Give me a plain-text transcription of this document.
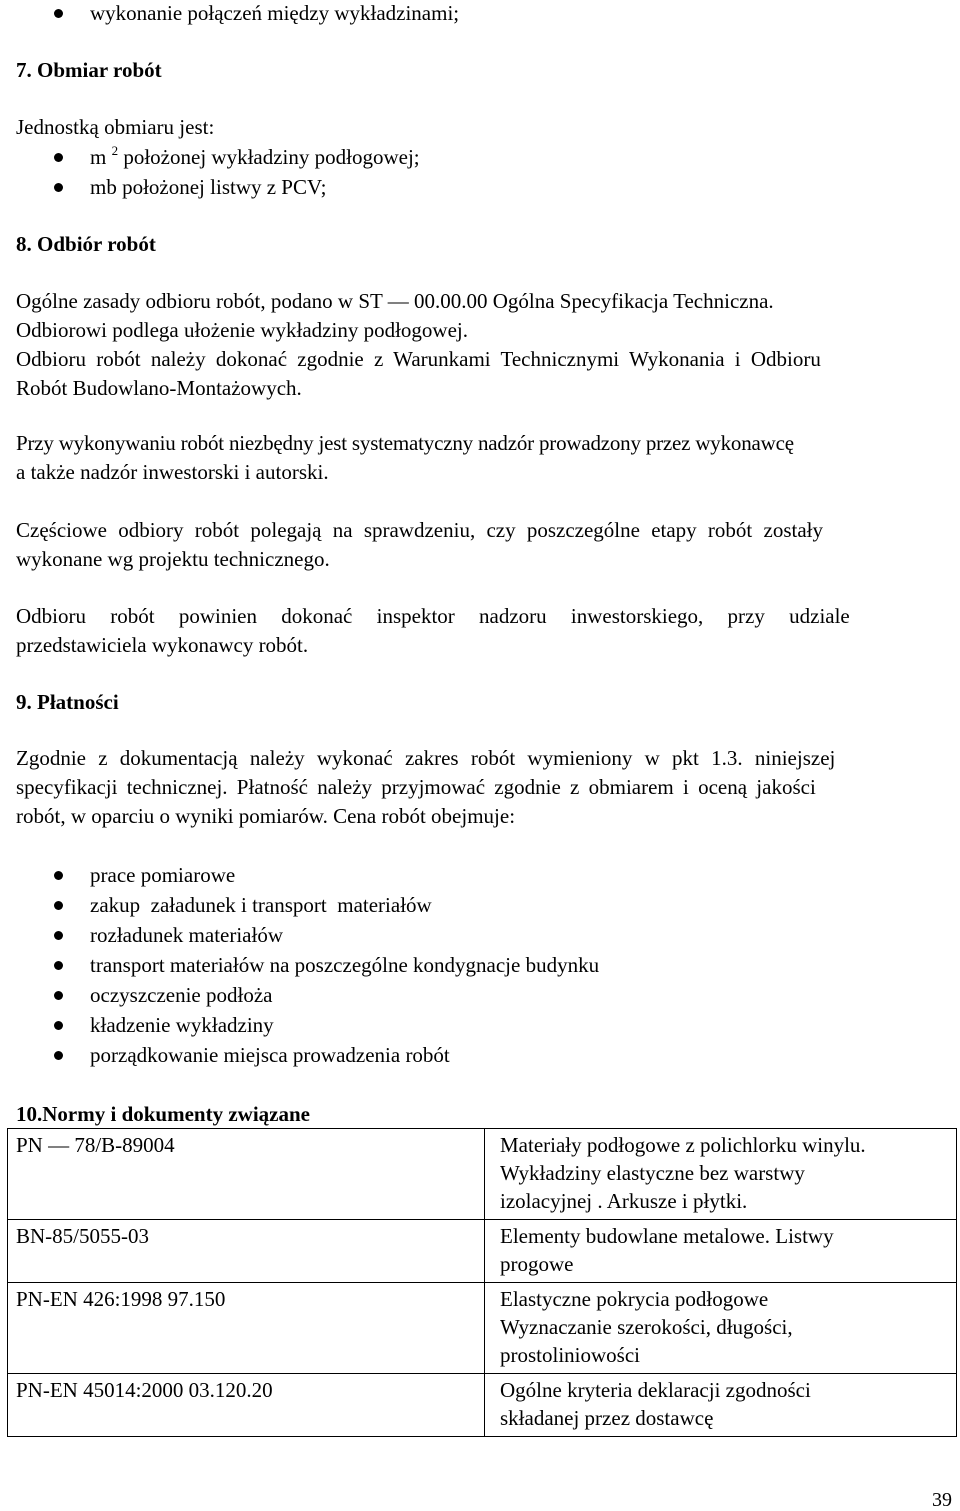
wykonanie połączeń między wykładzinami;
7. Obmiar robót
Jednostką obmiaru jest:
m $^2$ położonej wykładziny podłogowej;
mb położonej listwy z PCV;
8. Odbiór robót
Ogólne zasady odbioru robót, podano w ST — 00.00.00 Ogólna Specyfikacja Techniczna.
Odbiorowi podlega ułożenie wykładziny podłogowej.
Odbioru robót należy dokonać zgodnie z Warunkami Technicznymi Wykonania i Odbioru
Robót Budowlano-Montażowych.
Przy wykonywaniu robót niezbędny jest systematyczny nadzór prowadzony przez wykonawcę
a także nadzór inwestorski i autorski.
Częściowe odbiory robót polegają na sprawdzeniu, czy poszczególne etapy robót zostały
wykonane wg projektu technicznego.
Odbioru robót powinien dokonać inspektor nadzoru inwestorskiego, przy udziale
przedstawiciela wykonawcy robót.
9. Płatności
Zgodnie z dokumentacją należy wykonać zakres robót wymieniony w pkt 1.3. niniejszej
specyfikacji technicznej. Płatność należy przyjmować zgodnie z obmiarem i oceną jakości
robót, w oparciu o wyniki pomiarów. Cena robót obejmuje:
prace pomiarowe
zakup  załadunek i transport  materiałów
rozładunek materiałów
transport materiałów na poszczególne kondygnacje budynku
oczyszczenie podłoża
kładzenie wykładziny
porządkowanie miejsca prowadzenia robót
10.Normy i dokumenty związane
PN — 78/B-89004	Materiały podłogowe z polichlorku winylu.
Wykładziny elastyczne bez warstwy
izolacyjnej . Arkusze i płytki.

BN-85/5055-03	Elementy budowlane metalowe. Listwy
progowe

PN-EN 426:1998 97.150	Elastyczne pokrycia podłogowe
Wyznaczanie szerokości, długości,
prostoliniowości

PN-EN 45014:2000 03.120.20	Ogólne kryteria deklaracji zgodności
składanej przez dostawcę
39
